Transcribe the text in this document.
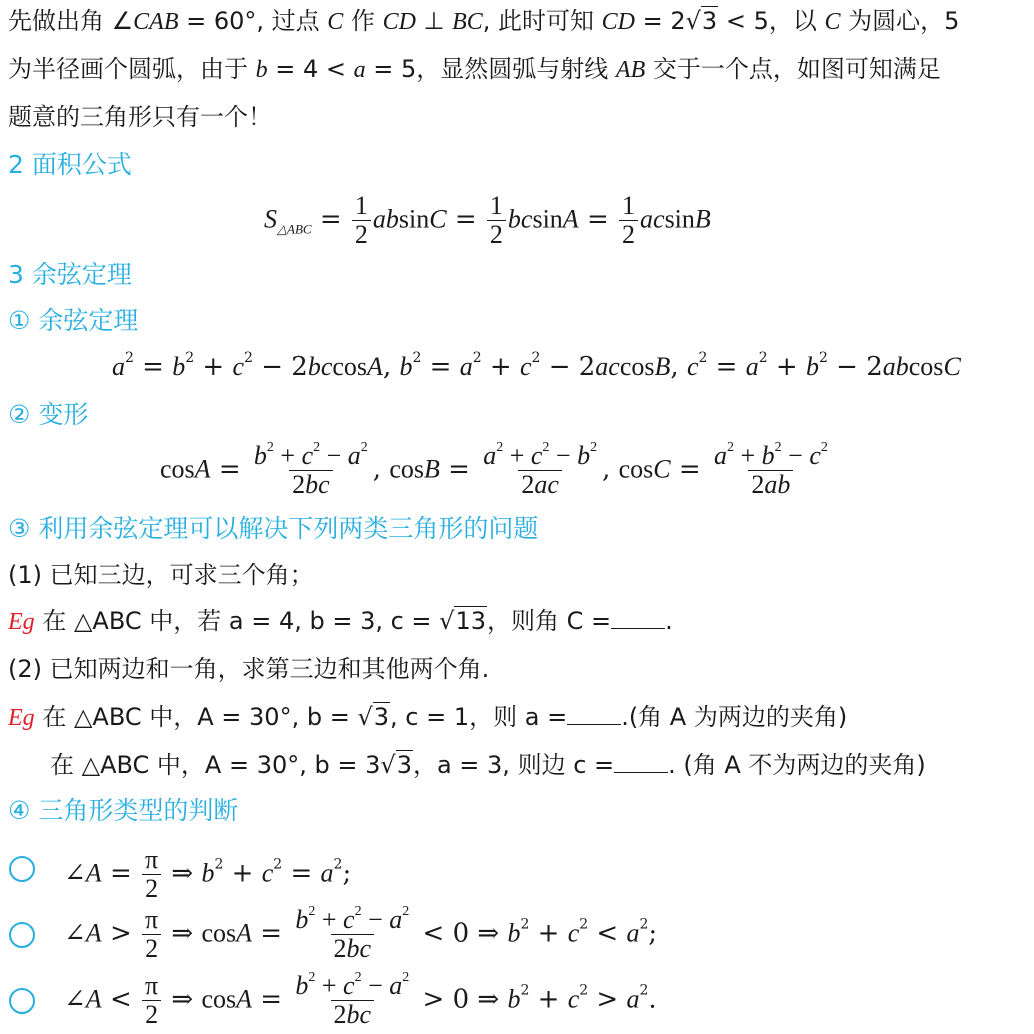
先做出角 ∠CAB = 60°, 过点 C 作 CD ⊥ BC, 此时可知 CD = 2√3 < 5，以 C 为圆心，5
为半径画个圆弧，由于 b = 4 < a = 5，显然圆弧与射线 AB 交于一个点，如图可知满足
题意的三角形只有一个！
2 面积公式
$S_{\triangle ABC} = \frac{1}{2}$ $absinC = \frac{1}{2}$ $bcsinA = \frac{1}{2}$ acsinB
3 余弦定理
① 余弦定理
$a^2 = b^2 + c^2 - 2bccosA$, $b^2 = a^2 + c^2 - 2accosB$, $c^2 = a^2 + b^2 - 2abcosC$
② 变形
$\cos A = \frac{b^2 + c^2 - a^2}{2bc}$ , $\cos B = \frac{a^2 + c^2 - b^2}{2ac}$ , $\cos C = \frac{a^2 + b^2 - c^2}{2ab}$
③ 利用余弦定理可以解决下列两类三角形的问题
(1) 已知三边，可求三个角；
Eg 在 △ABC 中，若 a = 4, b = 3, c = √13，则角 C = .
(2) 已知两边和一角，求第三边和其他两个角.
Eg 在 △ABC 中，A = 30°, b = √3, c = 1，则 a = .(角 A 为两边的夹角)
在 △ABC 中，A = 30°, b = 3√3，a = 3, 则边 c = . (角 A 不为两边的夹角)
④ 三角形类型的判断
∠A = $\frac{\pi}{2}$ ⇒ $b^2 + c^2 = a^2$;
∠A > $\frac{\pi}{2}$ ⇒ $\cos A = \frac{b^2 + c^2 - a^2}{2bc} < 0$ ⇒ $b^2 + c^2 < a^2$;
∠A < $\frac{\pi}{2}$ ⇒ $\cos A = \frac{b^2 + c^2 - a^2}{2bc} > 0$ ⇒ $b^2 + c^2 > a^2$.
